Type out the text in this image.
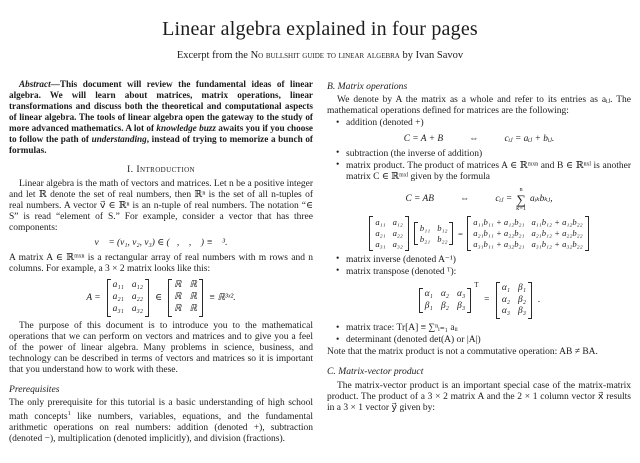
Linear algebra explained in four pages
Excerpt from the No bullshit guide to linear algebra by Ivan Savov

Abstract—This document will review the fundamental ideas of linear algebra. We will learn about matrices, matrix operations, linear transformations and discuss both the theoretical and computational aspects of linear algebra. The tools of linear algebra open the gateway to the study of more advanced mathematics. A lot of knowledge buzz awaits you if you choose to follow the path of understanding, instead of trying to memorize a bunch of formulas.

I. Introduction

Linear algebra is the math of vectors and matrices. Let n be a positive integer and let ℝ denote the set of real numbers, then ℝⁿ is the set of all n-tuples of real numbers. A vector v⃗ ∈ ℝⁿ is an n-tuple of real numbers. The notation “∈ S” is read “element of S.” For example, consider a vector that has three components:

v⃗ = (v₁, v₂, v₃) ∈ (ℝ, ℝ, ℝ) ≡ ℝ³.

A matrix A ∈ ℝᵐˣⁿ is a rectangular array of real numbers with m rows and n columns. For example, a 3 × 2 matrix looks like this:

A =
a₁₁ a₁₂
a₂₁ a₂₂
a₃₁ a₃₂
∈
ℝ ℝ
ℝ ℝ
ℝ ℝ
≡ ℝ³ˣ².

The purpose of this document is to introduce you to the mathematical operations that we can perform on vectors and matrices and to give you a feel of the power of linear algebra. Many problems in science, business, and technology can be described in terms of vectors and matrices so it is important that you understand how to work with these.

Prerequisites

The only prerequisite for this tutorial is a basic understanding of high school math concepts$^1$ like numbers, variables, equations, and the fundamental arithmetic operations on real numbers: addition (denoted +), subtraction (denoted −), multiplication (denoted implicitly), and division (fractions).

B. Matrix operations

We denote by A the matrix as a whole and refer to its entries as aᵢⱼ. The mathematical operations defined for matrices are the following:

• addition (denoted +)
C = A + B	⇔	cᵢⱼ = aᵢⱼ + bᵢⱼ.
• subtraction (the inverse of addition)
• matrix product. The product of matrices A ∈ ℝᵐˣⁿ and B ∈ ℝⁿˣˡ is another matrix C ∈ ℝᵐˣˡ given by the formula
C = AB	⇔	cᵢⱼ =
n
∑
k=1
aᵢₖbₖⱼ,
a₁₁ a₁₂
a₂₁ a₂₂
a₃₁ a₃₂
b₁₁ b₁₂
b₂₁ b₂₂
=
a₁₁b₁₁ + a₁₂b₂₁ a₁₁b₁₂ + a₁₂b₂₂
a₂₁b₁₁ + a₂₂b₂₁ a₂₁b₁₂ + a₂₂b₂₂
a₃₁b₁₁ + a₃₂b₂₁ a₃₁b₁₂ + a₃₂b₂₂
• matrix inverse (denoted A⁻¹)
• matrix transpose (denoted ᵀ):
α₁ α₂ α₃
β₁ β₂ β₃
T
=
α₁ β₁
α₂ β₂
α₃ β₃
.
• matrix trace: Tr[A] ≡ ∑ⁿᵢ₌₁ aᵢᵢ
• determinant (denoted det(A) or |A|)

Note that the matrix product is not a commutative operation: AB ≠ BA.

C. Matrix-vector product

The matrix-vector product is an important special case of the matrix-matrix product. The product of a 3 × 2 matrix A and the 2 × 1 column vector x⃗ results in a 3 × 1 vector y⃗ given by:
